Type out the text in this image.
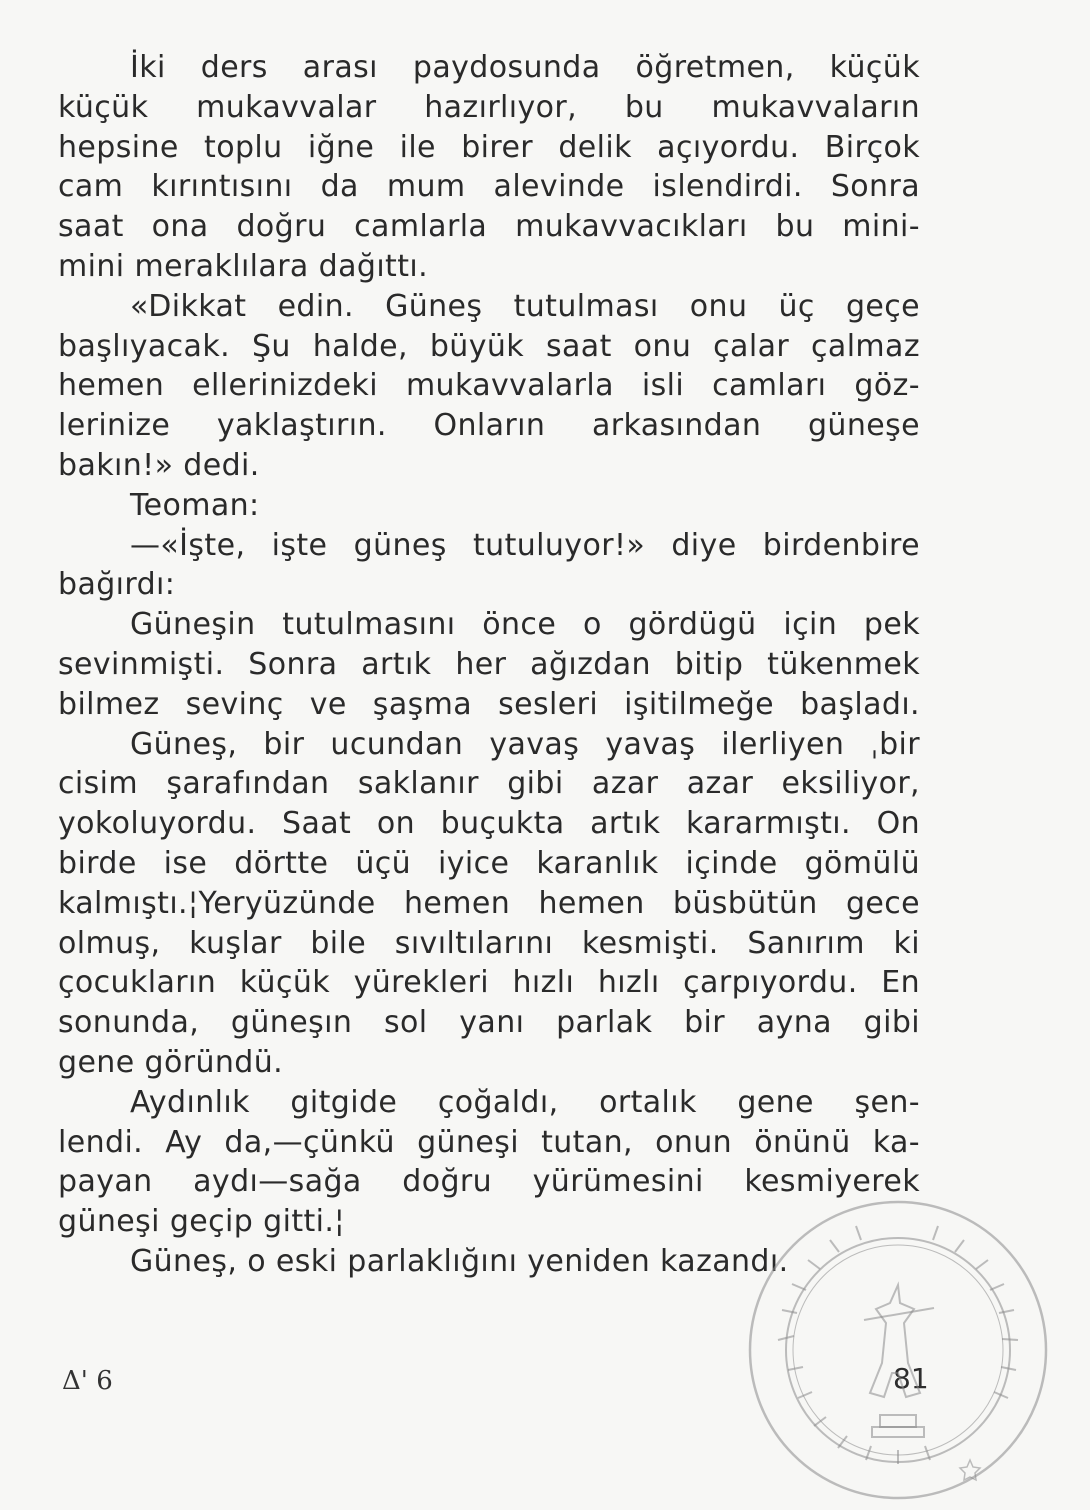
İki ders arası paydosunda öğretmen, küçük
küçük mukavvalar hazırlıyor, bu mukavvaların
hepsine toplu iğne ile birer delik açıyordu. Birçok
cam kırıntısını da mum alevinde islendirdi. Sonra
saat ona doğru camlarla mukavvacıkları bu mini-
mini meraklılara dağıttı.
«Dikkat edin. Güneş tutulması onu üç geçe
başlıyacak. Şu halde, büyük saat onu çalar çalmaz
hemen ellerinizdeki mukavvalarla isli camları göz-
lerinize yaklaştırın. Onların arkasından güneşe
bakın!» dedi.
Teoman:
—«İşte, işte güneş tutuluyor!» diye birdenbire
bağırdı:
Güneşin tutulmasını önce o gördügü için pek
sevinmişti. Sonra artık her ağızdan bitip tükenmek
bilmez sevinç ve şaşma sesleri işitilmeğe başladı.
Güneş, bir ucundan yavaş yavaş ilerliyen ˌbir
cisim şarafından saklanır gibi azar azar eksiliyor,
yokoluyordu. Saat on buçukta artık kararmıştı. On
birde ise dörtte üçü iyice karanlık içinde gömülü
kalmıştı.¦Yeryüzünde hemen hemen büsbütün gece
olmuş, kuşlar bile sıvıltılarını kesmişti. Sanırım ki
çocukların küçük yürekleri hızlı hızlı çarpıyordu. En
sonunda, güneşın sol yanı parlak bir ayna gibi
gene göründü.
Aydınlık gitgide çoğaldı, ortalık gene şen-
lendi. Ay da,—çünkü güneşi tutan, onun önünü ka-
payan aydı—sağa doğru yürümesini kesmiyerek
güneşi geçip gitti.¦
Güneş, o eski parlaklığını yeniden kazandı.
Δ' 6	81
